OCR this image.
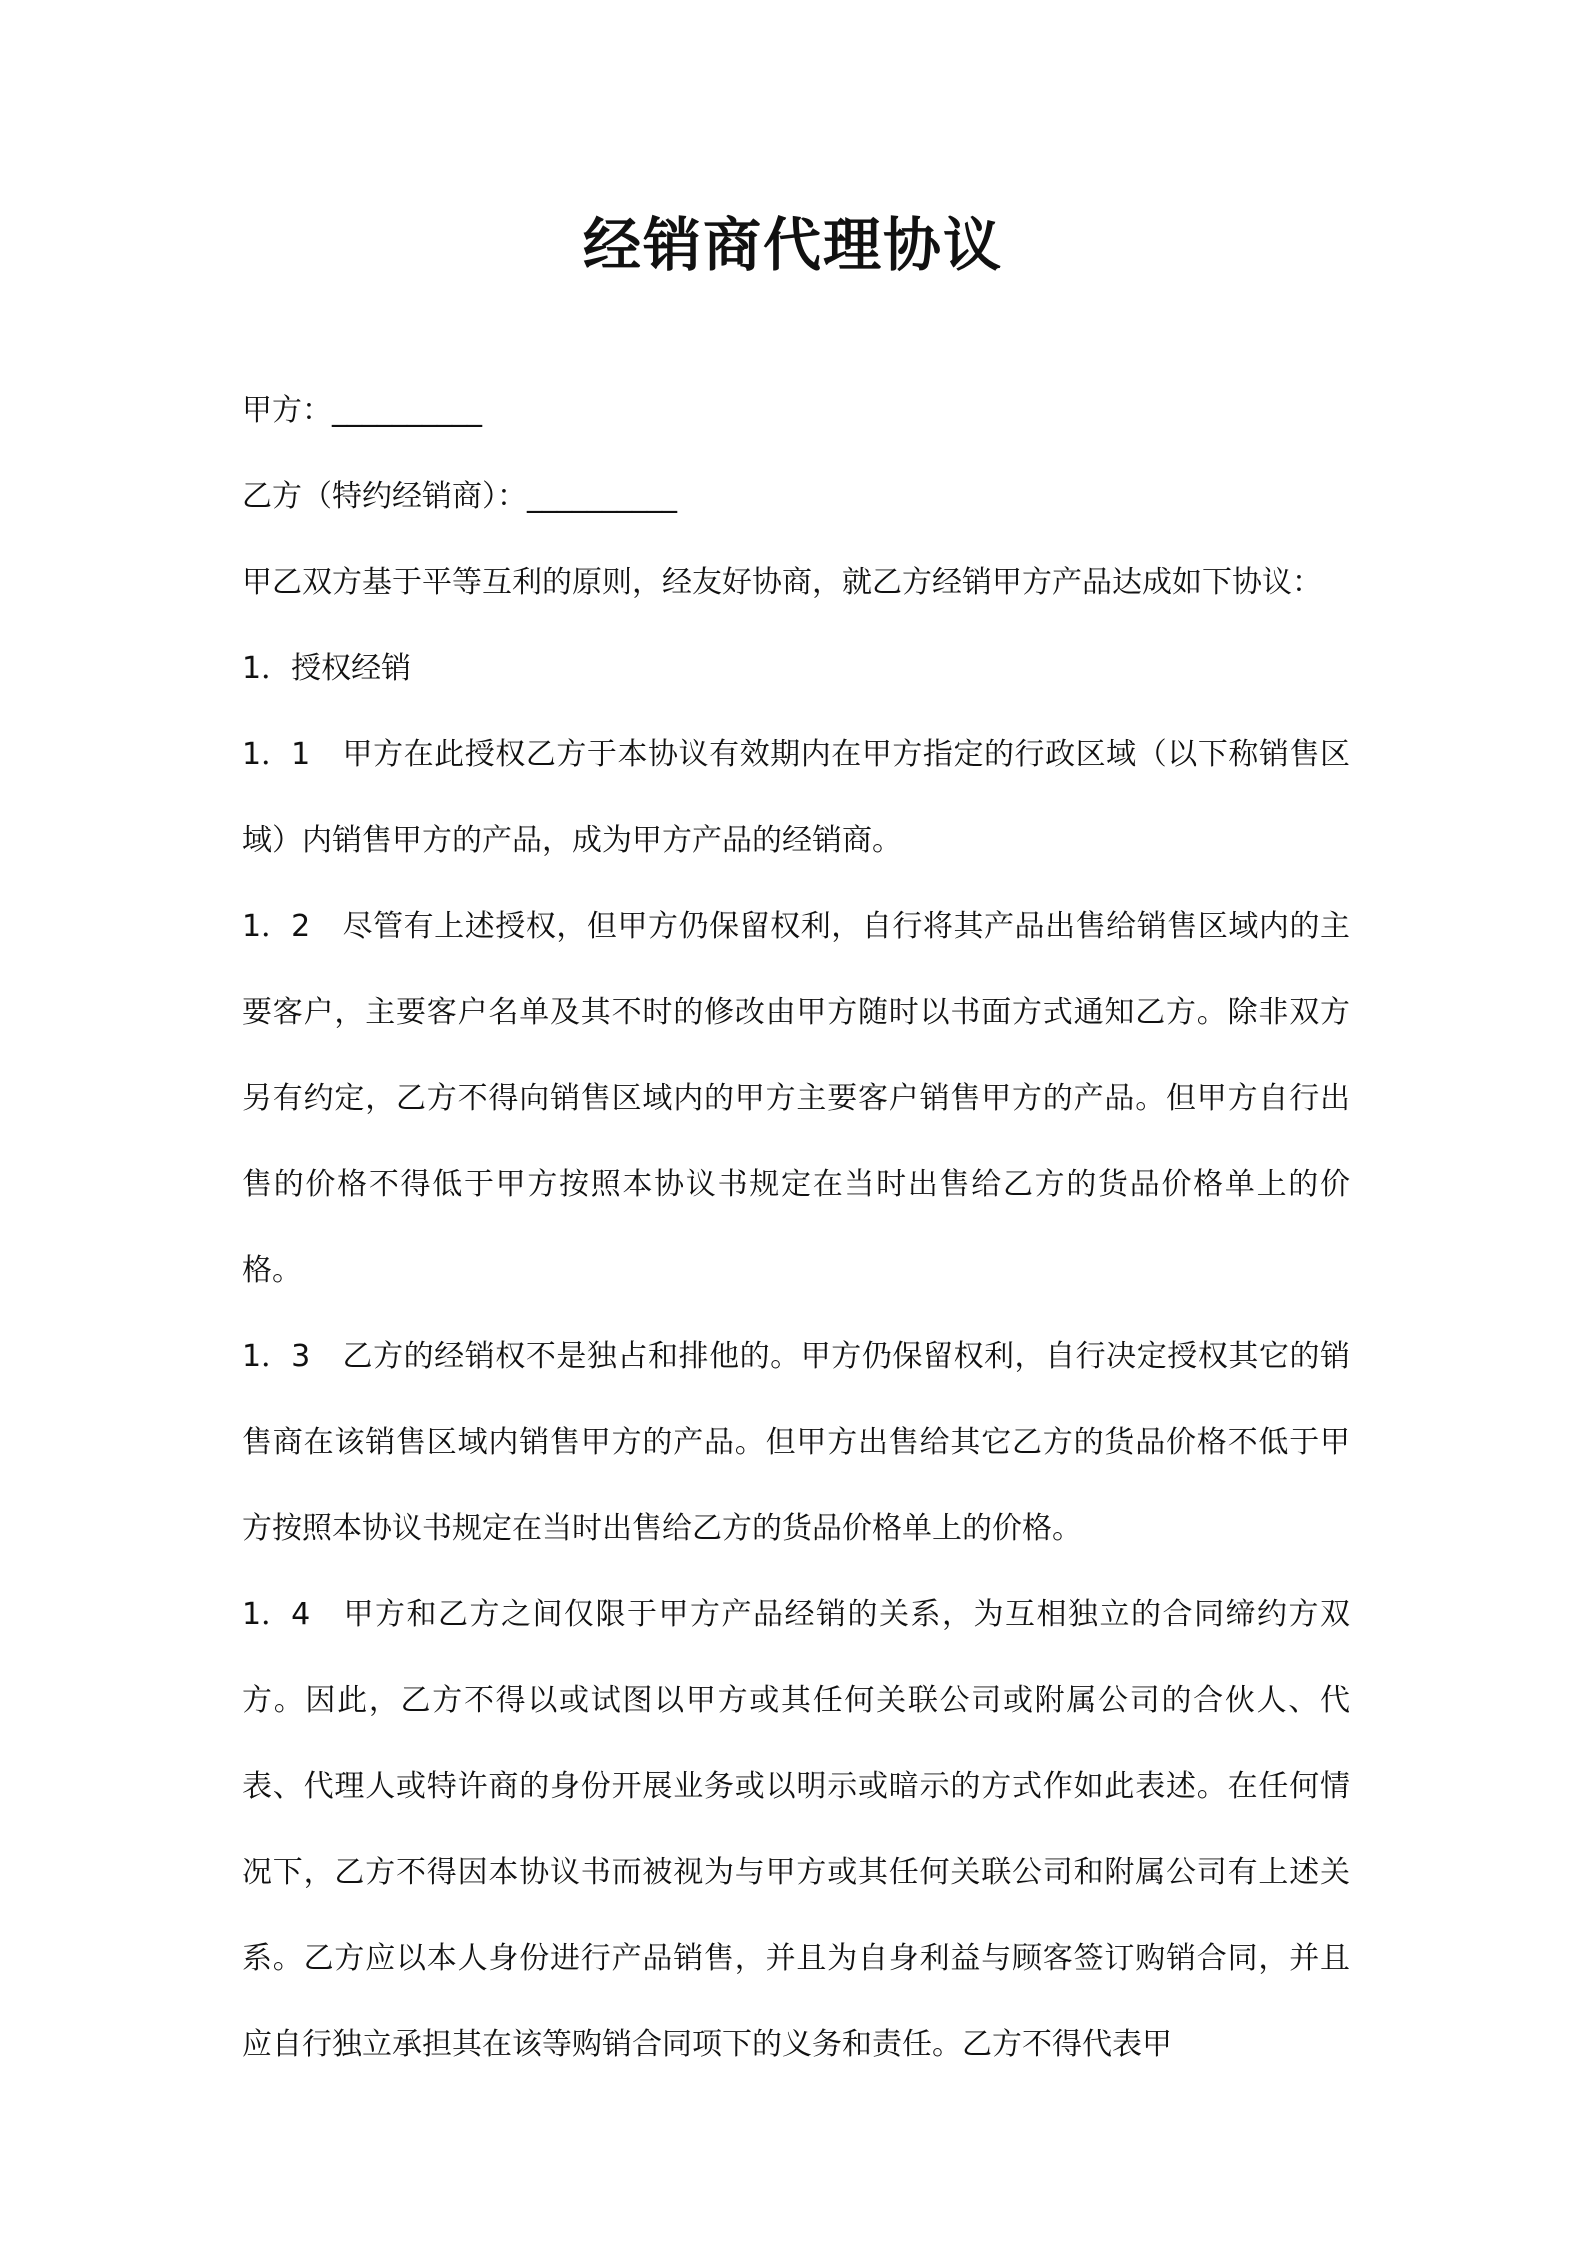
经销商代理协议

甲方：__________

乙方（特约经销商）：__________

甲乙双方基于平等互利的原则，经友好协商，就乙方经销甲方产品达成如下协议：

1．授权经销

1．1 甲方在此授权乙方于本协议有效期内在甲方指定的行政区域（以下称销售区域）内销售甲方的产品，成为甲方产品的经销商。

1．2 尽管有上述授权，但甲方仍保留权利，自行将其产品出售给销售区域内的主要客户，主要客户名单及其不时的修改由甲方随时以书面方式通知乙方。除非双方另有约定，乙方不得向销售区域内的甲方主要客户销售甲方的产品。但甲方自行出售的价格不得低于甲方按照本协议书规定在当时出售给乙方的货品价格单上的价格。

1．3 乙方的经销权不是独占和排他的。甲方仍保留权利，自行决定授权其它的销售商在该销售区域内销售甲方的产品。但甲方出售给其它乙方的货品价格不低于甲方按照本协议书规定在当时出售给乙方的货品价格单上的价格。

1．4 甲方和乙方之间仅限于甲方产品经销的关系，为互相独立的合同缔约方双方。因此，乙方不得以或试图以甲方或其任何关联公司或附属公司的合伙人、代表、代理人或特许商的身份开展业务或以明示或暗示的方式作如此表述。在任何情况下，乙方不得因本协议书而被视为与甲方或其任何关联公司和附属公司有上述关系。乙方应以本人身份进行产品销售，并且为自身利益与顾客签订购销合同，并且应自行独立承担其在该等购销合同项下的义务和责任。乙方不得代表甲
